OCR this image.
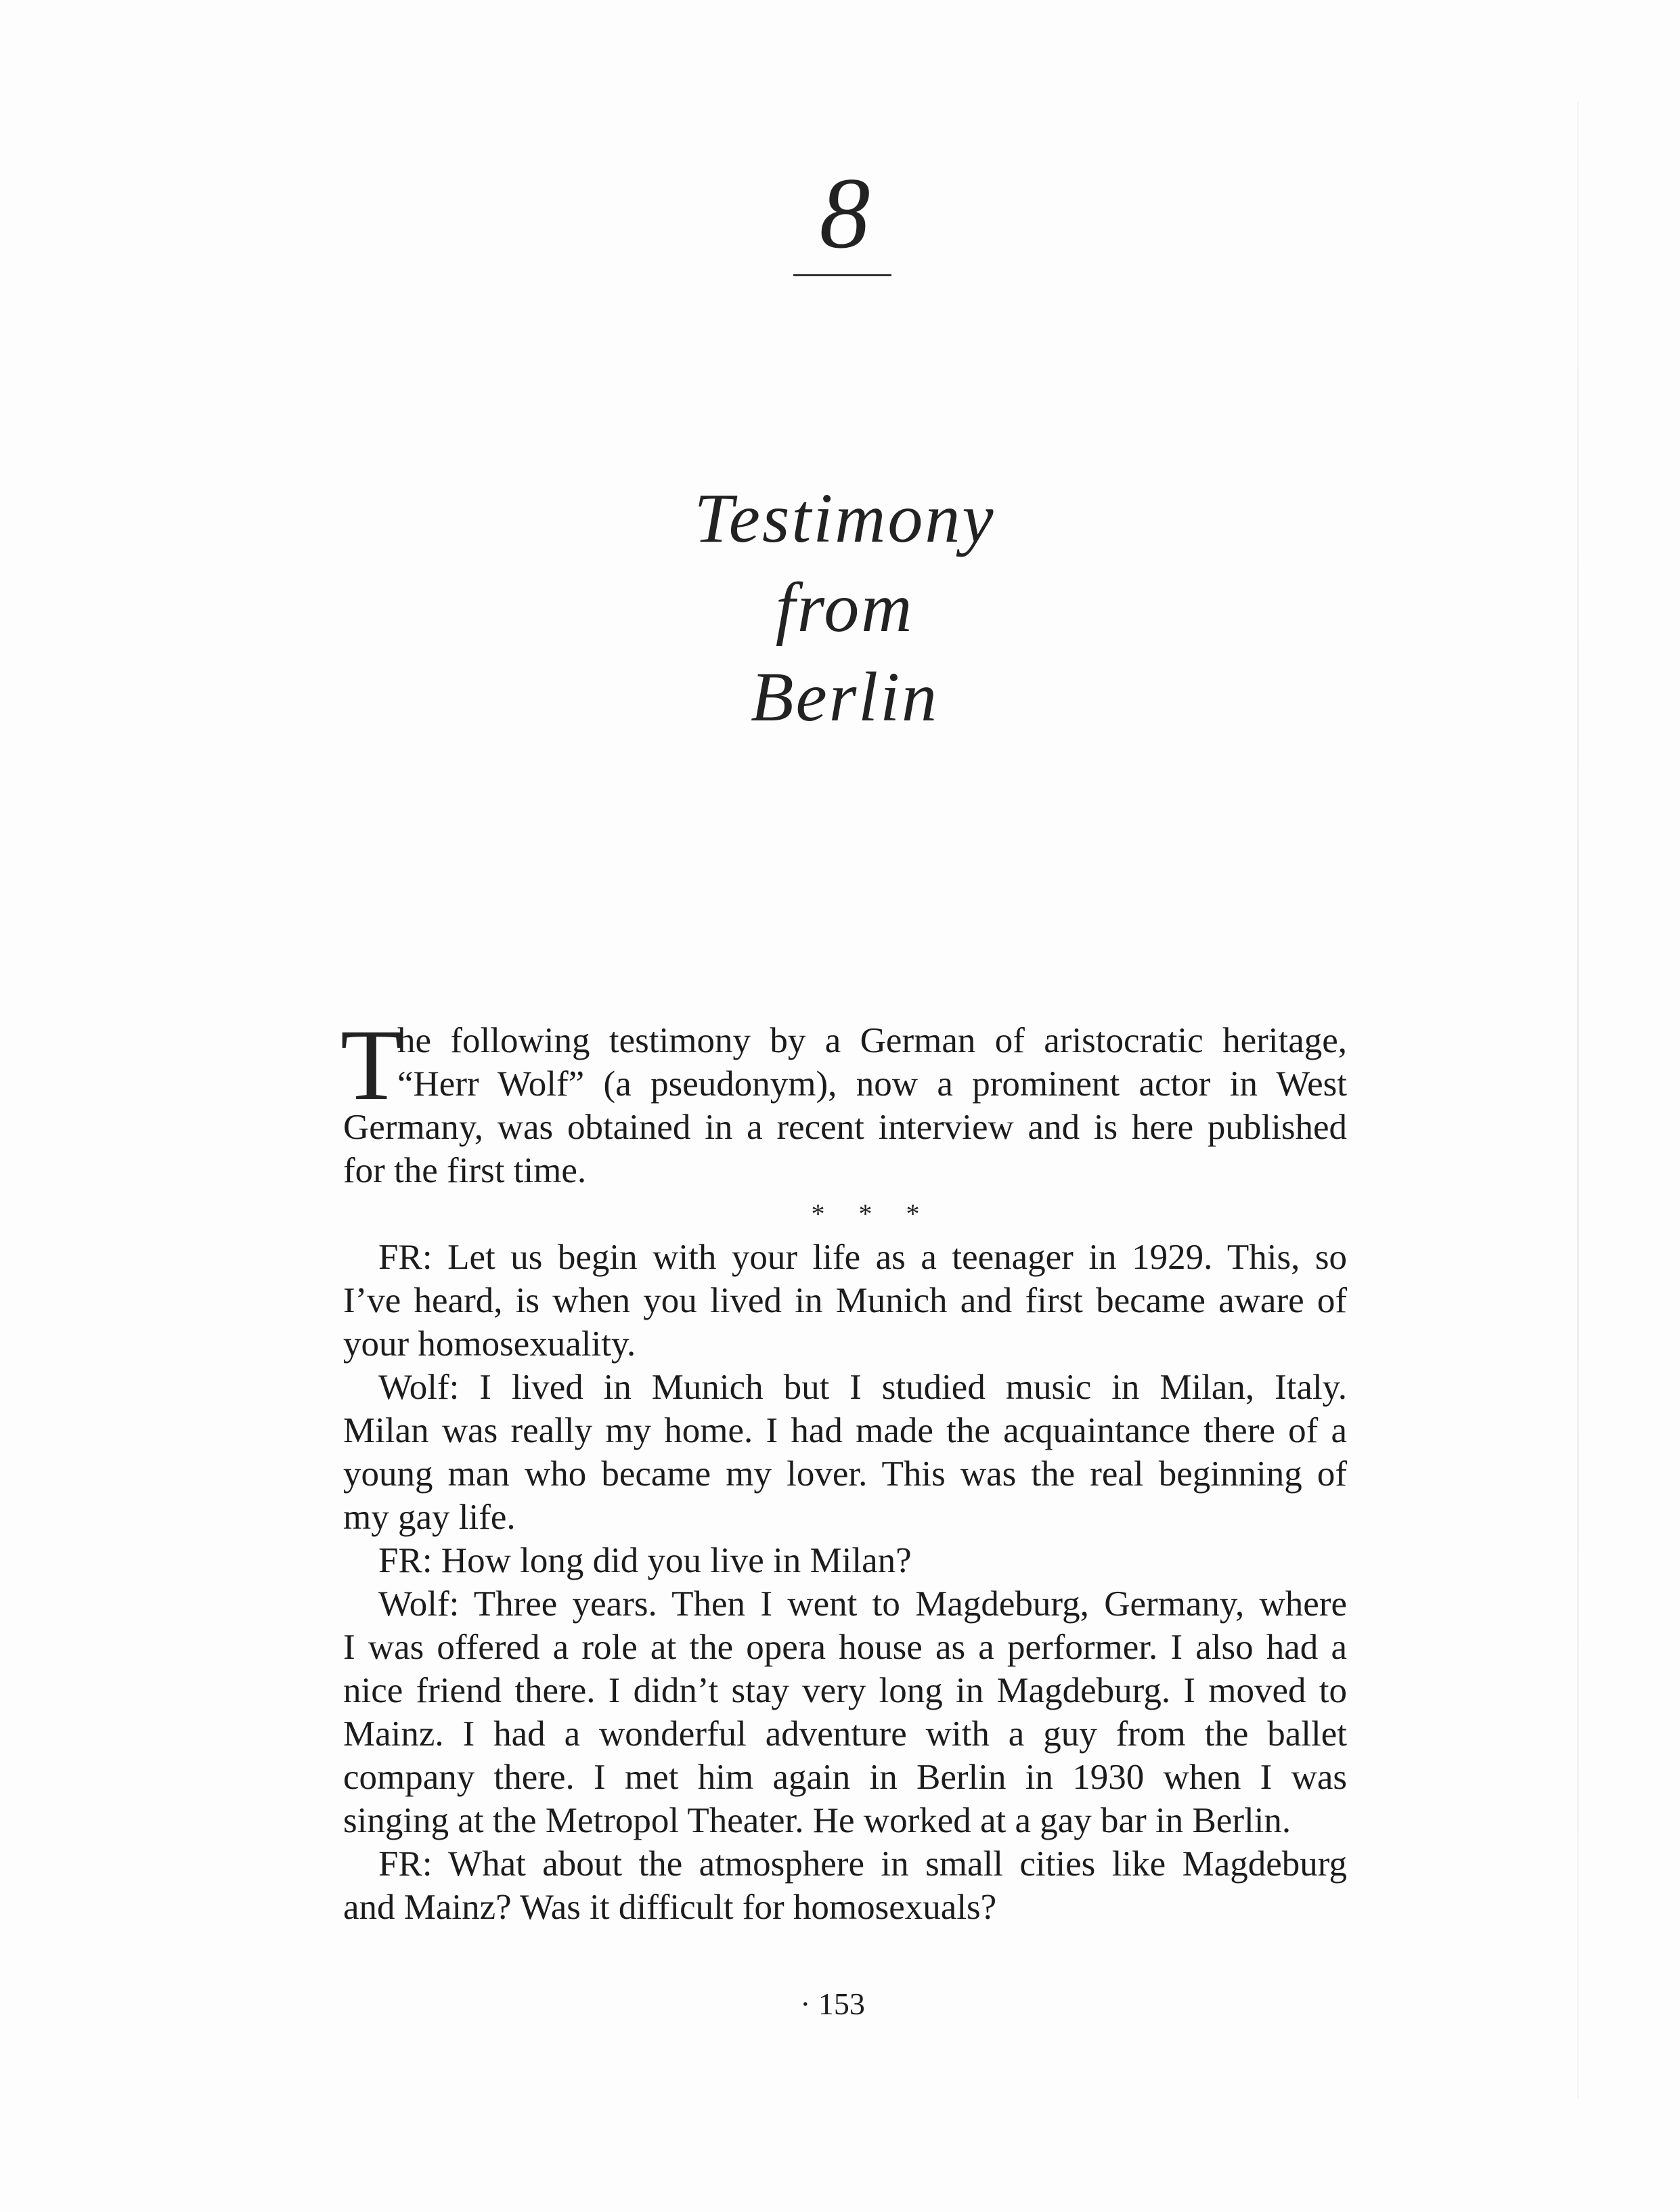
8
Testimony
from
Berlin
T
he following testimony by a German of aristocratic heritage,
“Herr Wolf” (a pseudonym), now a prominent actor in West
Germany, was obtained in a recent interview and is here published
for the first time.
* * *
FR: Let us begin with your life as a teenager in 1929. This, so
I’ve heard, is when you lived in Munich and first became aware of
your homosexuality.
Wolf: I lived in Munich but I studied music in Milan, Italy.
Milan was really my home. I had made the acquaintance there of a
young man who became my lover. This was the real beginning of
my gay life.
FR: How long did you live in Milan?
Wolf: Three years. Then I went to Magdeburg, Germany, where
I was offered a role at the opera house as a performer. I also had a
nice friend there. I didn’t stay very long in Magdeburg. I moved to
Mainz. I had a wonderful adventure with a guy from the ballet
company there. I met him again in Berlin in 1930 when I was
singing at the Metropol Theater. He worked at a gay bar in Berlin.
FR: What about the atmosphere in small cities like Magdeburg
and Mainz? Was it difficult for homosexuals?
· 153
